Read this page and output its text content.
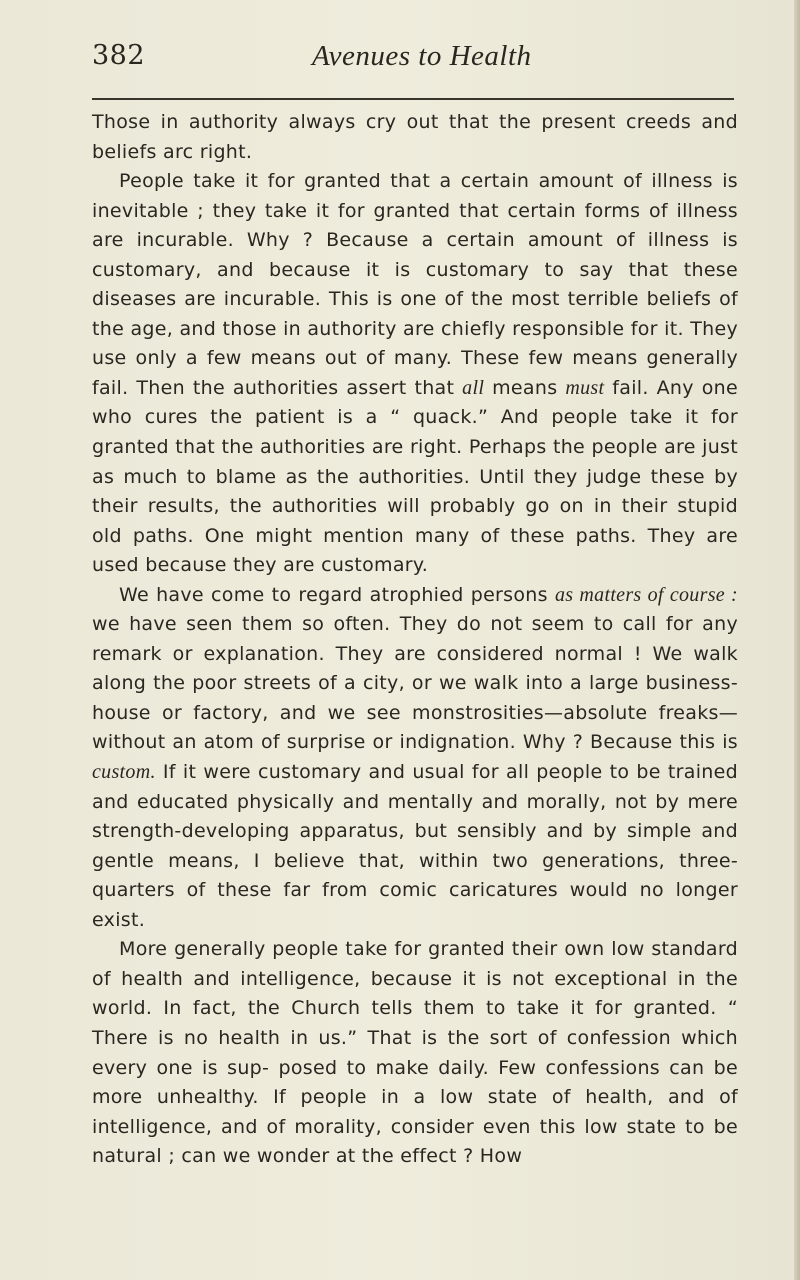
382	Avenues to Health

Those in authority always cry out that the present creeds and beliefs arc right.

People take it for granted that a certain amount of illness is inevitable ; they take it for granted that certain forms of illness are incurable. Why ? Because a certain amount of illness is customary, and because it is customary to say that these diseases are incurable. This is one of the most terrible beliefs of the age, and those in authority are chiefly responsible for it. They use only a few means out of many. These few means generally fail. Then the authorities assert that all means must fail. Any one who cures the patient is a “ quack.” And people take it for granted that the authorities are right. Perhaps the people are just as much to blame as the authorities. Until they judge these by their results, the authorities will probably go on in their stupid old paths. One might mention many of these paths. They are used because they are customary.

We have come to regard atrophied persons as matters of course : we have seen them so often. They do not seem to call for any remark or explanation. They are considered normal ! We walk along the poor streets of a city, or we walk into a large business-house or factory, and we see monstrosities—absolute freaks—without an atom of surprise or indignation. Why ? Because this is custom. If it were customary and usual for all people to be trained and educated physically and mentally and morally, not by mere strength-developing apparatus, but sensibly and by simple and gentle means, I believe that, within two generations, three-quarters of these far from comic caricatures would no longer exist.

More generally people take for granted their own low standard of health and intelligence, because it is not exceptional in the world. In fact, the Church tells them to take it for granted. “ There is no health in us.” That is the sort of confession which every one is sup- posed to make daily. Few confessions can be more unhealthy. If people in a low state of health, and of intelligence, and of morality, consider even this low state to be natural ; can we wonder at the effect ? How
